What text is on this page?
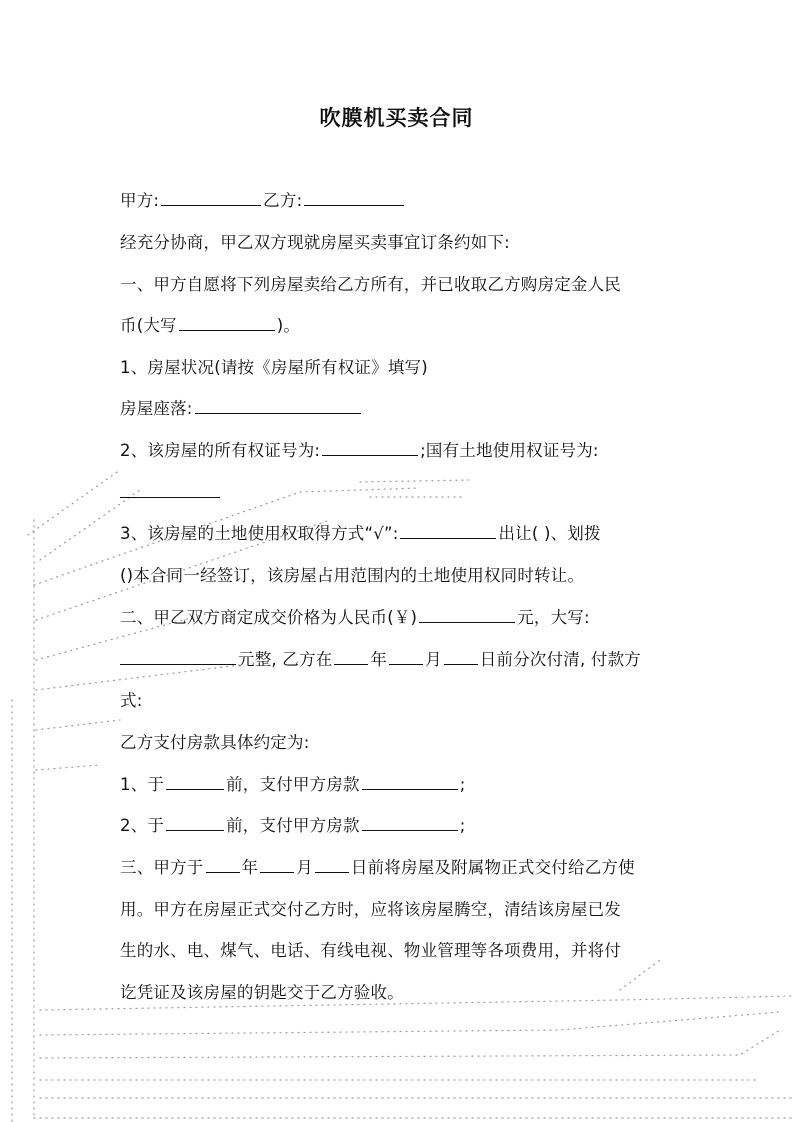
吹膜机买卖合同
甲方:	乙方:
经充分协商，甲乙双方现就房屋买卖事宜订条约如下:
一、甲方自愿将下列房屋卖给乙方所有，并已收取乙方购房定金人民
币(大写	)。
1、房屋状况(请按《房屋所有权证》填写)
房屋座落:
2、该房屋的所有权证号为:	;国有土地使用权证号为:
3、该房屋的土地使用权取得方式“√”:	出让( )、划拨
()本合同一经签订，该房屋占用范围内的土地使用权同时转让。
二、甲乙双方商定成交价格为人民币(￥)	元，大写:
元整, 乙方在 年 月 日前分次付清, 付款方
式:
乙方支付房款具体约定为:
1、于	前，支付甲方房款	;
2、于	前，支付甲方房款	;
三、甲方于 年 月 日前将房屋及附属物正式交付给乙方使
用。甲方在房屋正式交付乙方时，应将该房屋腾空，清结该房屋已发
生的水、电、煤气、电话、有线电视、物业管理等各项费用，并将付
讫凭证及该房屋的钥匙交于乙方验收。
